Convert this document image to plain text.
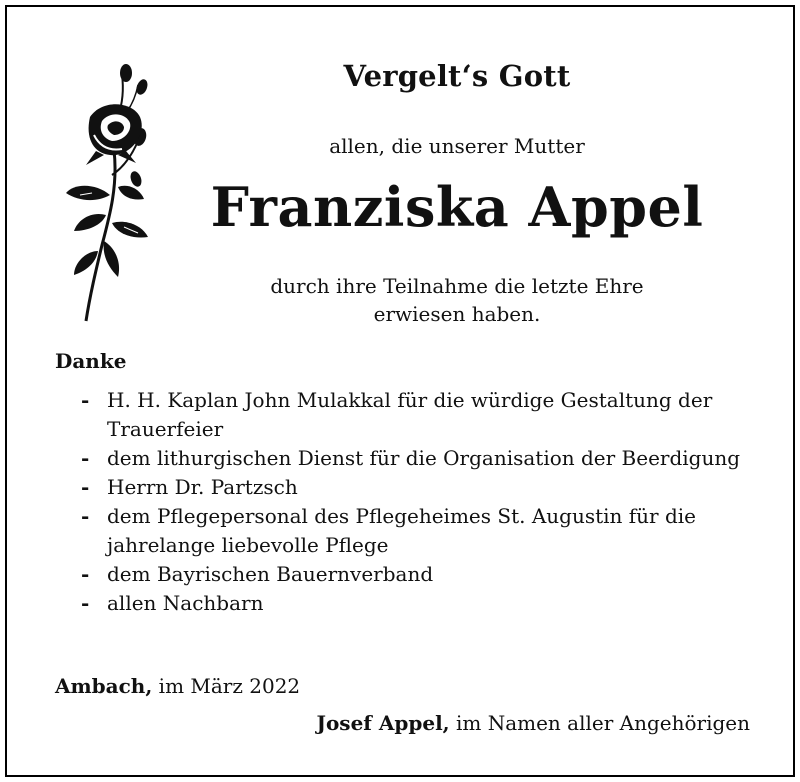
Vergelt‘s Gott
allen, die unserer Mutter
Franziska Appel
durch ihre Teilnahme die letzte Ehre
erwiesen haben.
Danke
- H. H. Kaplan John Mulakkal für die würdige Gestaltung der Trauerfeier
- dem lithurgischen Dienst für die Organisation der Beerdigung
- Herrn Dr. Partzsch
- dem Pflegepersonal des Pflegeheimes St. Augustin für die jahrelange liebevolle Pflege
- dem Bayrischen Bauernverband
- allen Nachbarn
Ambach, im März 2022
Josef Appel, im Namen aller Angehörigen
